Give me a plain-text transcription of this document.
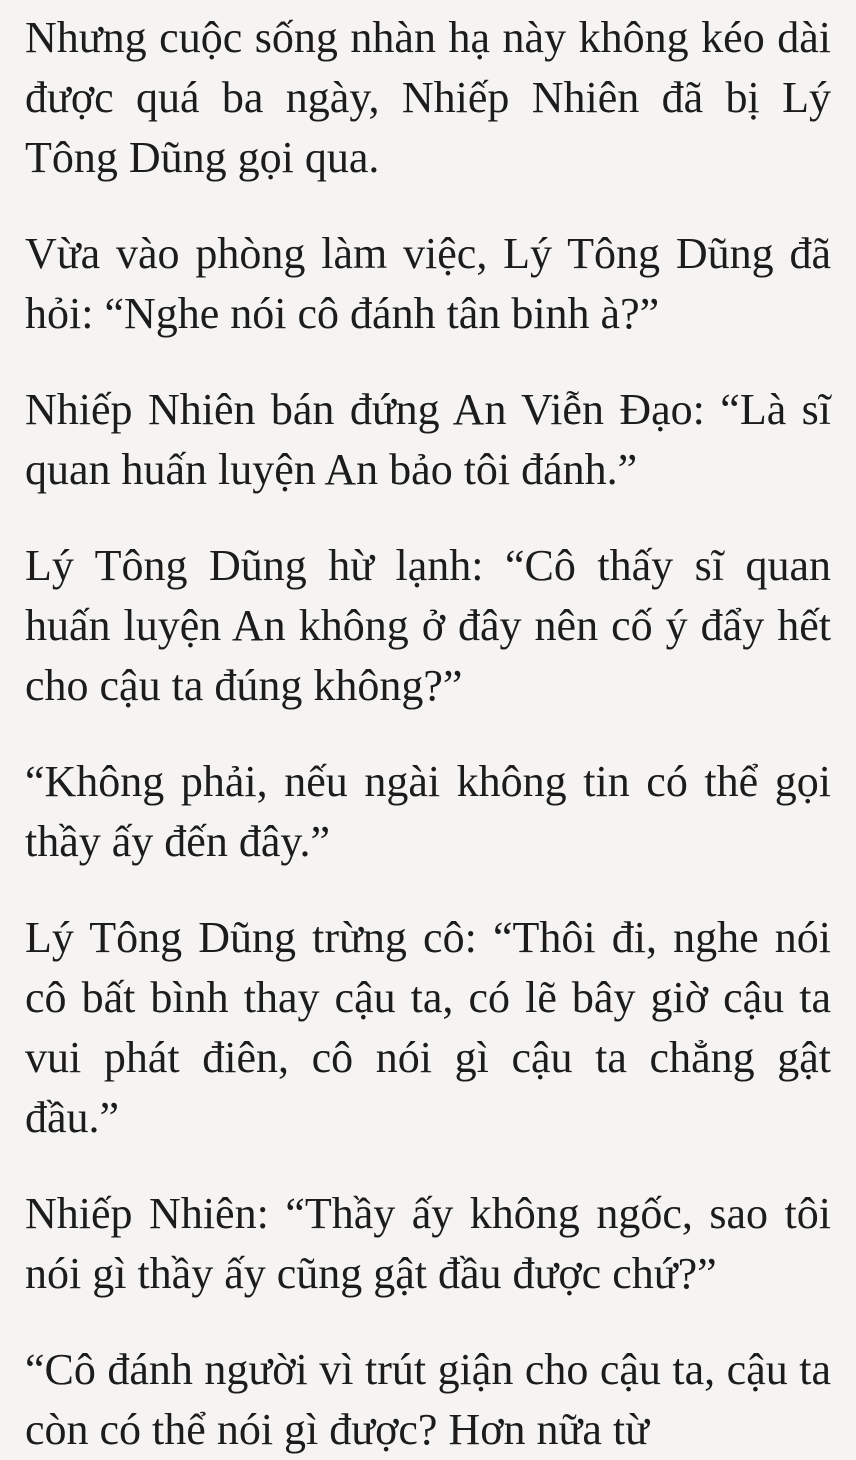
Nhưng cuộc sống nhàn hạ này không kéo dài được quá ba ngày, Nhiếp Nhiên đã bị Lý Tông Dũng gọi qua.

Vừa vào phòng làm việc, Lý Tông Dũng đã hỏi: “Nghe nói cô đánh tân binh à?”

Nhiếp Nhiên bán đứng An Viễn Đạo: “Là sĩ quan huấn luyện An bảo tôi đánh.”

Lý Tông Dũng hừ lạnh: “Cô thấy sĩ quan huấn luyện An không ở đây nên cố ý đẩy hết cho cậu ta đúng không?”

“Không phải, nếu ngài không tin có thể gọi thầy ấy đến đây.”

Lý Tông Dũng trừng cô: “Thôi đi, nghe nói cô bất bình thay cậu ta, có lẽ bây giờ cậu ta vui phát điên, cô nói gì cậu ta chẳng gật đầu.”

Nhiếp Nhiên: “Thầy ấy không ngốc, sao tôi nói gì thầy ấy cũng gật đầu được chứ?”

“Cô đánh người vì trút giận cho cậu ta, cậu ta còn có thể nói gì được? Hơn nữa từ
